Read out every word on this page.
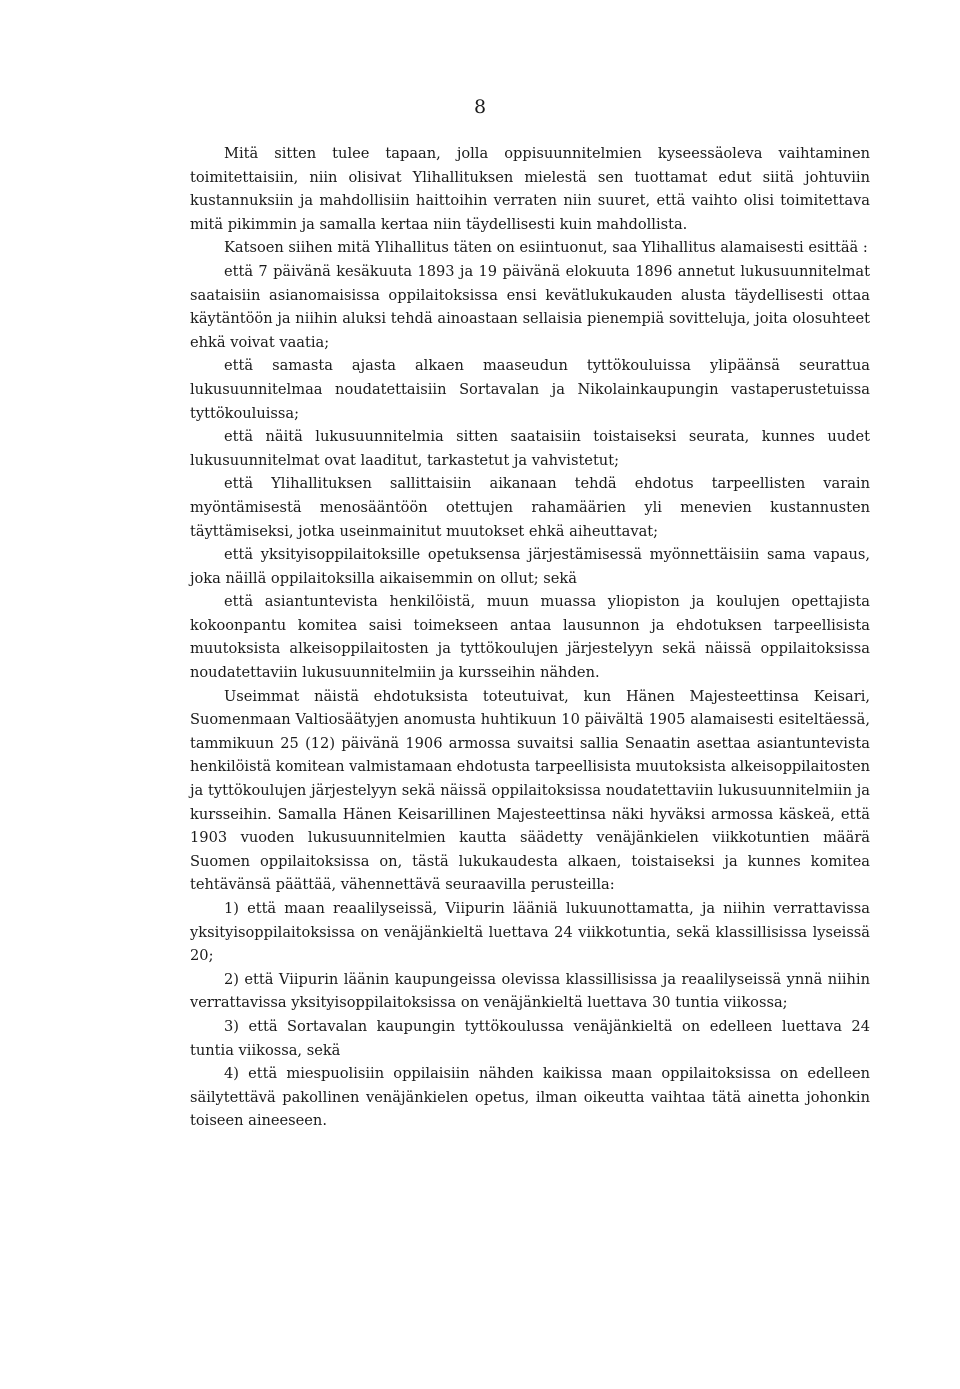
8

Mitä sitten tulee tapaan, jolla oppisuunnitelmien kyseessäoleva vaihtaminen toimitettaisiin, niin olisivat Ylihallituksen mielestä sen tuottamat edut siitä johtuviin kustannuksiin ja mahdollisiin haittoihin verraten niin suuret, että vaihto olisi toimitettava mitä pikimmin ja samalla kertaa niin täydellisesti kuin mahdollista.

Katsoen siihen mitä Ylihallitus täten on esiintuonut, saa Ylihallitus alamaisesti esittää :

että 7 päivänä kesäkuuta 1893 ja 19 päivänä elokuuta 1896 annetut lukusuunnitelmat saataisiin asianomaisissa oppilaitoksissa ensi kevätlukukauden alusta täydellisesti ottaa käytäntöön ja niihin aluksi tehdä ainoastaan sellaisia pienempiä sovitteluja, joita olosuhteet ehkä voivat vaatia;

että samasta ajasta alkaen maaseudun tyttökouluissa ylipäänsä seurattua lukusuunnitelmaa noudatettaisiin Sortavalan ja Nikolainkaupungin vastaperustetuissa tyttökouluissa;

että näitä lukusuunnitelmia sitten saataisiin toistaiseksi seurata, kunnes uudet lukusuunnitelmat ovat laaditut, tarkastetut ja vahvistetut;

että Ylihallituksen sallittaisiin aikanaan tehdä ehdotus tarpeellisten varain myöntämisestä menosääntöön otettujen rahamäärien yli menevien kustannusten täyttämiseksi, jotka useinmainitut muutokset ehkä aiheuttavat;

että yksityisoppilaitoksille opetuksensa järjestämisessä myönnettäisiin sama vapaus, joka näillä oppilaitoksilla aikaisemmin on ollut; sekä

että asiantuntevista henkilöistä, muun muassa yliopiston ja koulujen opettajista kokoonpantu komitea saisi toimekseen antaa lausunnon ja ehdotuksen tarpeellisista muutoksista alkeisoppilaitosten ja tyttökoulujen järjestelyyn sekä näissä oppilaitoksissa noudatettaviin lukusuunnitelmiin ja kursseihin nähden.

Useimmat näistä ehdotuksista toteutuivat, kun Hänen Majesteettinsa Keisari, Suomenmaan Valtiosäätyjen anomusta huhtikuun 10 päivältä 1905 alamaisesti esiteltäessä, tammikuun 25 (12) päivänä 1906 armossa suvaitsi sallia Senaatin asettaa asiantuntevista henkilöistä komitean valmistamaan ehdotusta tarpeellisista muutoksista alkeisoppilaitosten ja tyttökoulujen järjestelyyn sekä näissä oppilaitoksissa noudatettaviin lukusuunnitelmiin ja kursseihin. Samalla Hänen Keisarillinen Majesteettinsa näki hyväksi armossa käskeä, että 1903 vuoden lukusuunnitelmien kautta säädetty venäjänkielen viikkotuntien määrä Suomen oppilaitoksissa on, tästä lukukaudesta alkaen, toistaiseksi ja kunnes komitea tehtävänsä päättää, vähennettävä seuraavilla perusteilla:

1) että maan reaalilyseissä, Viipurin lääniä lukuunottamatta, ja niihin verrattavissa yksityisoppilaitoksissa on venäjänkieltä luettava 24 viikkotuntia, sekä klassillisissa lyseissä 20;

2) että Viipurin läänin kaupungeissa olevissa klassillisissa ja reaalilyseissä ynnä niihin verrattavissa yksityisoppilaitoksissa on venäjänkieltä luettava 30 tuntia viikossa;

3) että Sortavalan kaupungin tyttökoulussa venäjänkieltä on edelleen luettava 24 tuntia viikossa, sekä

4) että miespuolisiin oppilaisiin nähden kaikissa maan oppilaitoksissa on edelleen säilytettävä pakollinen venäjänkielen opetus, ilman oikeutta vaihtaa tätä ainetta johonkin toiseen aineeseen.
